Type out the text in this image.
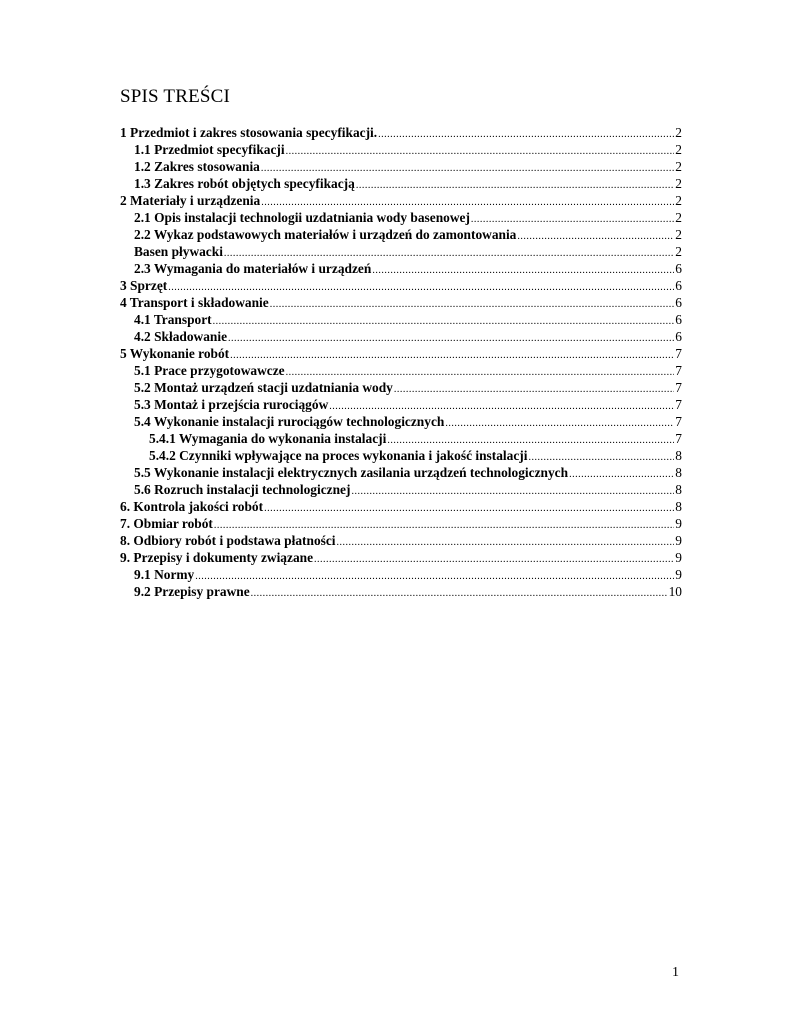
SPIS TREŚCI
1 Przedmiot i zakres stosowania specyfikacji. .....	2
1.1 Przedmiot specyfikacji .....	2
1.2 Zakres stosowania .....	2
1.3 Zakres robót objętych specyfikacją .....	2
2 Materiały i urządzenia .....	2
2.1 Opis instalacji technologii uzdatniania wody basenowej .....	2
2.2 Wykaz podstawowych materiałów i urządzeń do zamontowania .....	2
Basen pływacki .....	2
2.3 Wymagania do materiałów i urządzeń .....	6
3 Sprzęt .....	6
4 Transport i składowanie .....	6
4.1 Transport .....	6
4.2 Składowanie .....	6
5 Wykonanie robót .....	7
5.1 Prace przygotowawcze .....	7
5.2 Montaż urządzeń stacji uzdatniania wody .....	7
5.3 Montaż i przejścia rurociągów .....	7
5.4 Wykonanie instalacji rurociągów technologicznych .....	7
5.4.1 Wymagania do wykonania instalacji .....	7
5.4.2 Czynniki wpływające na proces wykonania i jakość instalacji .....	8
5.5 Wykonanie instalacji elektrycznych zasilania urządzeń technologicznych .....	8
5.6 Rozruch instalacji technologicznej .....	8
6. Kontrola jakości robót .....	8
7. Obmiar robót .....	9
8. Odbiory robót i podstawa płatności .....	9
9. Przepisy i dokumenty związane .....	9
9.1 Normy .....	9
9.2 Przepisy prawne .....	10
1
